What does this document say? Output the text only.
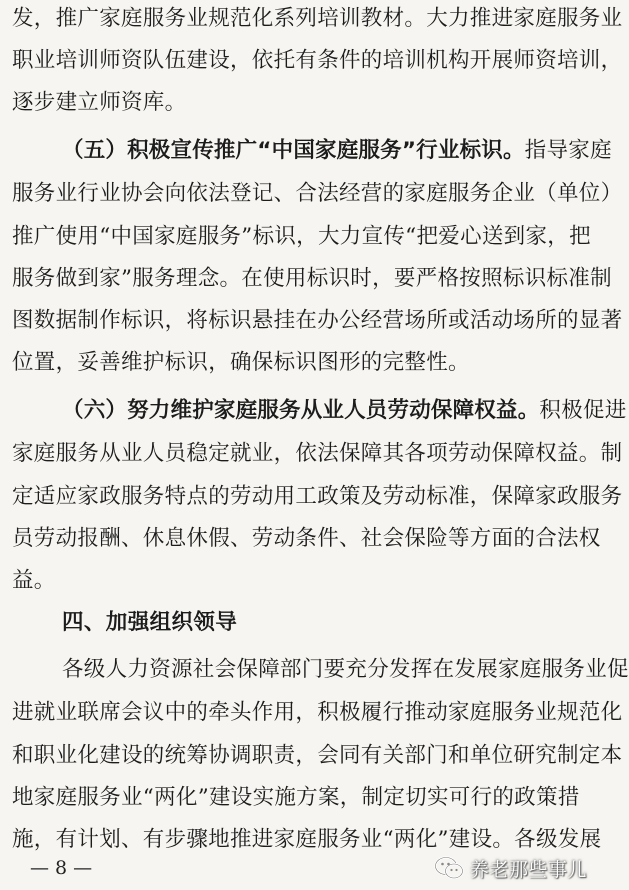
发，推广家庭服务业规范化系列培训教材。大力推进家庭服务业
职业培训师资队伍建设，依托有条件的培训机构开展师资培训，
逐步建立师资库。
（五）积极宣传推广“中国家庭服务”行业标识。指导家庭
服务业行业协会向依法登记、合法经营的家庭服务企业（单位）
推广使用“中国家庭服务”标识，大力宣传“把爱心送到家，把
服务做到家”服务理念。在使用标识时，要严格按照标识标准制
图数据制作标识，将标识悬挂在办公经营场所或活动场所的显著
位置，妥善维护标识，确保标识图形的完整性。
（六）努力维护家庭服务从业人员劳动保障权益。积极促进
家庭服务从业人员稳定就业，依法保障其各项劳动保障权益。制
定适应家政服务特点的劳动用工政策及劳动标准，保障家政服务
员劳动报酬、休息休假、劳动条件、社会保险等方面的合法权
益。
四、加强组织领导
各级人力资源社会保障部门要充分发挥在发展家庭服务业促
进就业联席会议中的牵头作用，积极履行推动家庭服务业规范化
和职业化建设的统筹协调职责，会同有关部门和单位研究制定本
地家庭服务业“两化”建设实施方案，制定切实可行的政策措
施，有计划、有步骤地推进家庭服务业“两化”建设。各级发展
— 8 —	养老那些事儿
